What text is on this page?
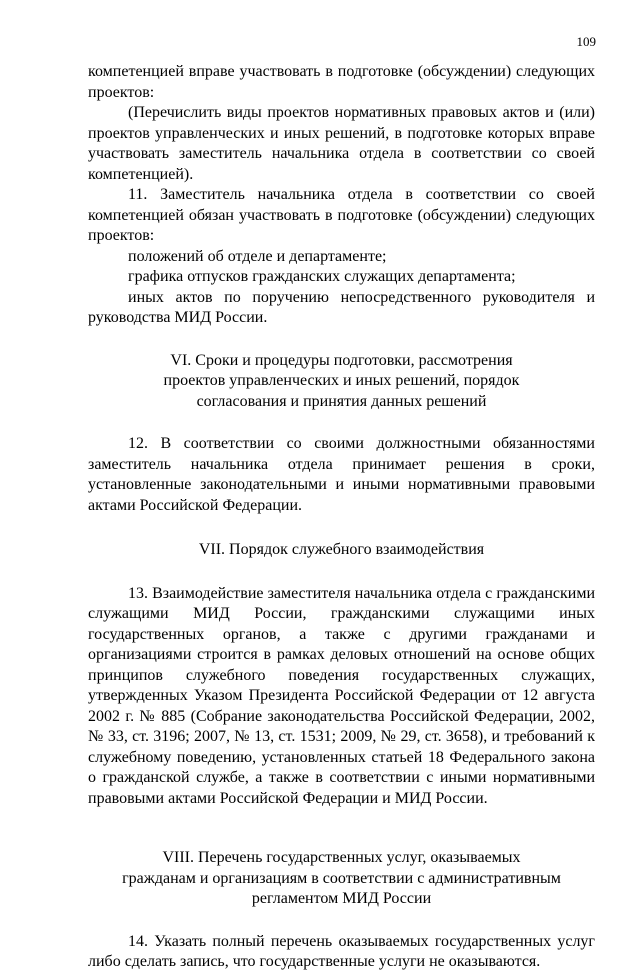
109

компетенцией вправе участвовать в подготовке (обсуждении) следующих проектов:

(Перечислить виды проектов нормативных правовых актов и (или) проектов управленческих и иных решений, в подготовке которых вправе участвовать заместитель начальника отдела в соответствии со своей компетенцией).

11. Заместитель начальника отдела в соответствии со своей компетенцией обязан участвовать в подготовке (обсуждении) следующих проектов:

положений об отделе и департаменте;

графика отпусков гражданских служащих департамента;

иных актов по поручению непосредственного руководителя и руководства МИД России.

VI. Сроки и процедуры подготовки, рассмотрения
проектов управленческих и иных решений, порядок
согласования и принятия данных решений

12. В соответствии со своими должностными обязанностями заместитель начальника отдела принимает решения в сроки, установленные законодательными и иными нормативными правовыми актами Российской Федерации.

VII. Порядок служебного взаимодействия

13. Взаимодействие заместителя начальника отдела с гражданскими служащими МИД России, гражданскими служащими иных государственных органов, а также с другими гражданами и организациями строится в рамках деловых отношений на основе общих принципов служебного поведения государственных служащих, утвержденных Указом Президента Российской Федерации от 12 августа 2002 г. № 885 (Собрание законодательства Российской Федерации, 2002, № 33, ст. 3196; 2007, № 13, ст. 1531; 2009, № 29, ст. 3658), и требований к служебному поведению, установленных статьей 18 Федерального закона о гражданской службе, а также в соответствии с иными нормативными правовыми актами Российской Федерации и МИД России.

VIII. Перечень государственных услуг, оказываемых
гражданам и организациям в соответствии с административным
регламентом МИД России

14. Указать полный перечень оказываемых государственных услуг либо сделать запись, что государственные услуги не оказываются.
